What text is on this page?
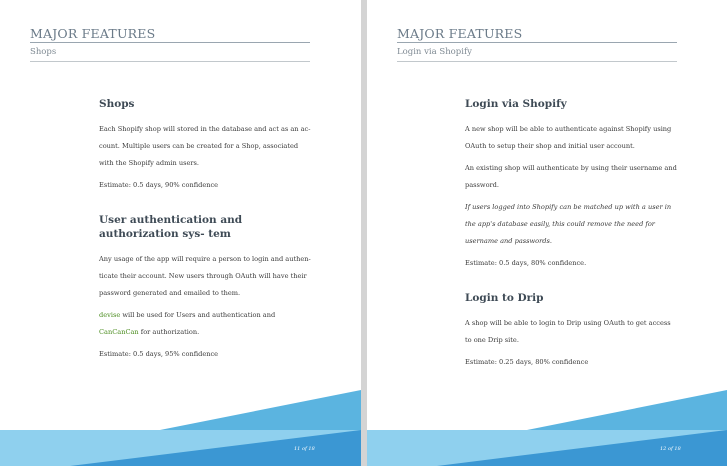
MAJOR FEATURES
Shops
Shops
Each Shopify shop will stored in the database and act as an ac- count. Multiple users can be created for a Shop, associated with the Shopify admin users.
Estimate: 0.5 days, 90% confidence
User authentication and authorization sys- tem
Any usage of the app will require a person to login and authen- ticate their account. New users through OAuth will have their password generated and emailed to them.
devise will be used for Users and authentication and CanCanCan for authorization.
Estimate: 0.5 days, 95% confidence
11 of 18
MAJOR FEATURES
Login via Shopify
Login via Shopify
A new shop will be able to authenticate against Shopify using OAuth to setup their shop and initial user account.
An existing shop will authenticate by using their username and password.
If users logged into Shopify can be matched up with a user in the app's database easily, this could remove the need for username and passwords.
Estimate: 0.5 days, 80% confidence.
Login to Drip
A shop will be able to login to Drip using OAuth to get access to one Drip site.
Estimate: 0.25 days, 80% confidence
12 of 18
